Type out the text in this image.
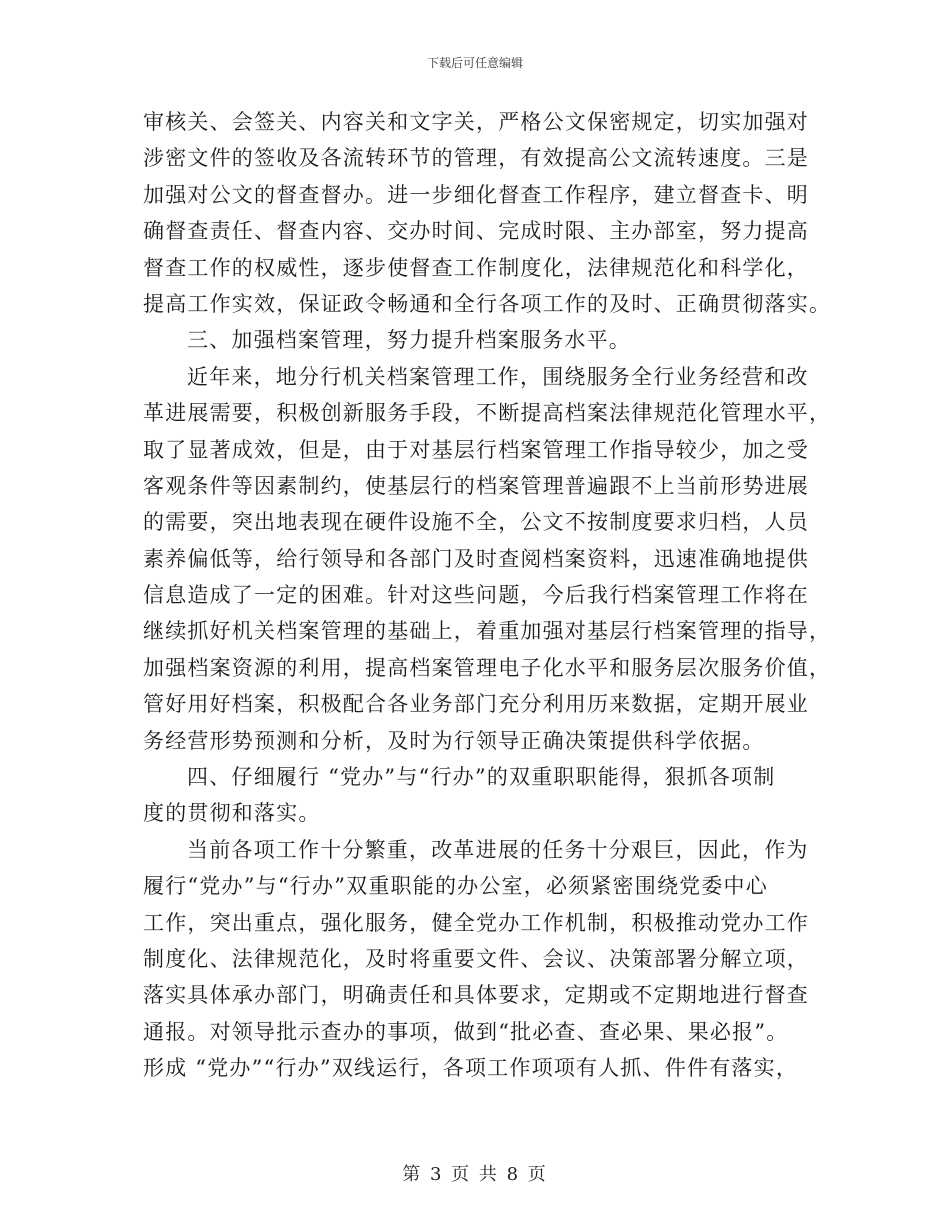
下载后可任意编辑
审核关、会签关、内容关和文字关，严格公文保密规定，切实加强对
涉密文件的签收及各流转环节的管理，有效提高公文流转速度。三是
加强对公文的督查督办。进一步细化督查工作程序，建立督查卡、明
确督查责任、督查内容、交办时间、完成时限、主办部室，努力提高
督查工作的权威性，逐步使督查工作制度化，法律规范化和科学化，
提高工作实效，保证政令畅通和全行各项工作的及时、正确贯彻落实。
三、加强档案管理，努力提升档案服务水平。
近年来，地分行机关档案管理工作，围绕服务全行业务经营和改
革进展需要，积极创新服务手段，不断提高档案法律规范化管理水平，
取了显著成效，但是，由于对基层行档案管理工作指导较少，加之受
客观条件等因素制约，使基层行的档案管理普遍跟不上当前形势进展
的需要，突出地表现在硬件设施不全，公文不按制度要求归档，人员
素养偏低等，给行领导和各部门及时查阅档案资料，迅速准确地提供
信息造成了一定的困难。针对这些问题，今后我行档案管理工作将在
继续抓好机关档案管理的基础上，着重加强对基层行档案管理的指导，
加强档案资源的利用，提高档案管理电子化水平和服务层次服务价值，
管好用好档案，积极配合各业务部门充分利用历来数据，定期开展业
务经营形势预测和分析，及时为行领导正确决策提供科学依据。
四、仔细履行 “党办”与“行办”的双重职职能得，狠抓各项制
度的贯彻和落实。
当前各项工作十分繁重，改革进展的任务十分艰巨，因此，作为
履行“党办”与“行办”双重职能的办公室，必须紧密围绕党委中心
工作，突出重点，强化服务，健全党办工作机制，积极推动党办工作
制度化、法律规范化，及时将重要文件、会议、决策部署分解立项，
落实具体承办部门，明确责任和具体要求，定期或不定期地进行督查
通报。对领导批示查办的事项，做到“批必查、查必果、果必报”。
形成 “党办”“行办”双线运行，各项工作项项有人抓、件件有落实，
第 3 页 共 8 页
